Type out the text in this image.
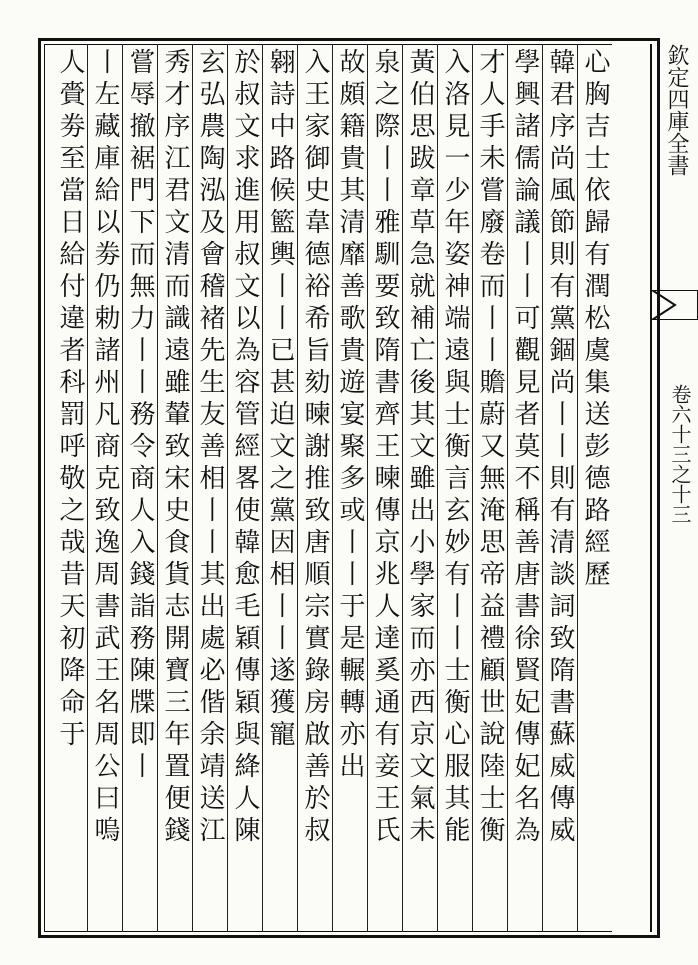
欽定四庫全書
卷六十三之十三
心胸吉士依歸有潤松虞集送彭德路經歷
韓君序尚風節則有黨錮尚丨丨則有清談詞致隋書蘇威傳威
學興諸儒論議丨丨可觀見者莫不稱善唐書徐賢妃傳妃名為
才人手未嘗廢卷而丨丨贍蔚又無淹思帝益禮顧世說陸士衡
入洛見一少年姿神端遠與士衡言玄妙有丨丨士衡心服其能
黃伯思跋章草急就補亡後其文雖出小學家而亦西京文氣未
泉之際丨丨雅馴要致隋書齊王暕傳京兆人達奚通有妾王氏
故頗籍貴其清靡善歌貴遊宴聚多或丨丨于是輾轉亦出
入王家御史韋德裕希旨劾暕謝推致唐順宗實錄房啟善於叔
翱詩中路候籃輿丨丨已甚迫文之黨因相丨丨遂獲寵
於叔文求進用叔文以為容管經畧使韓愈毛穎傳穎與絳人陳
玄弘農陶泓及會稽褚先生友善相丨丨其出處必偕余靖送江
秀才序江君文清而識遠雖輦致宋史食貨志開寶三年置便錢
嘗辱撤裾門下而無力丨丨務令商人入錢詣務陳牒即丨
丨左藏庫給以劵仍勅諸州凡商克致逸周書武王名周公曰嗚
人賫劵至當日給付違者科罰呼敬之哉昔天初降命于
